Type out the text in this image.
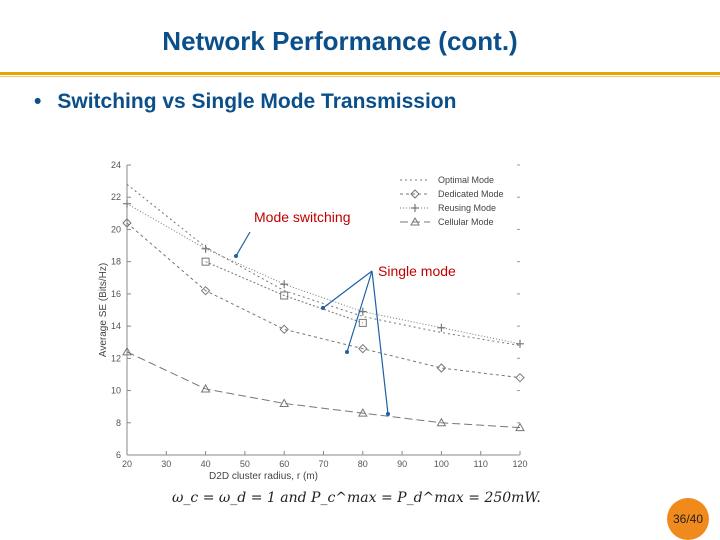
Network Performance (cont.)
• Switching vs Single Mode Transmission
20	30	40	50	60	70	80	90	100	110	120
6
8
10
12
14
16
18
20
22
24
D2D cluster radius, r (m)
Average SE (Bits/Hz)
Optimal Mode
Dedicated Mode
Reusing Mode
Cellular Mode
Mode switching
Single mode
ω_c = ω_d = 1 and P_c^max = P_d^max = 250mW.
36/40
